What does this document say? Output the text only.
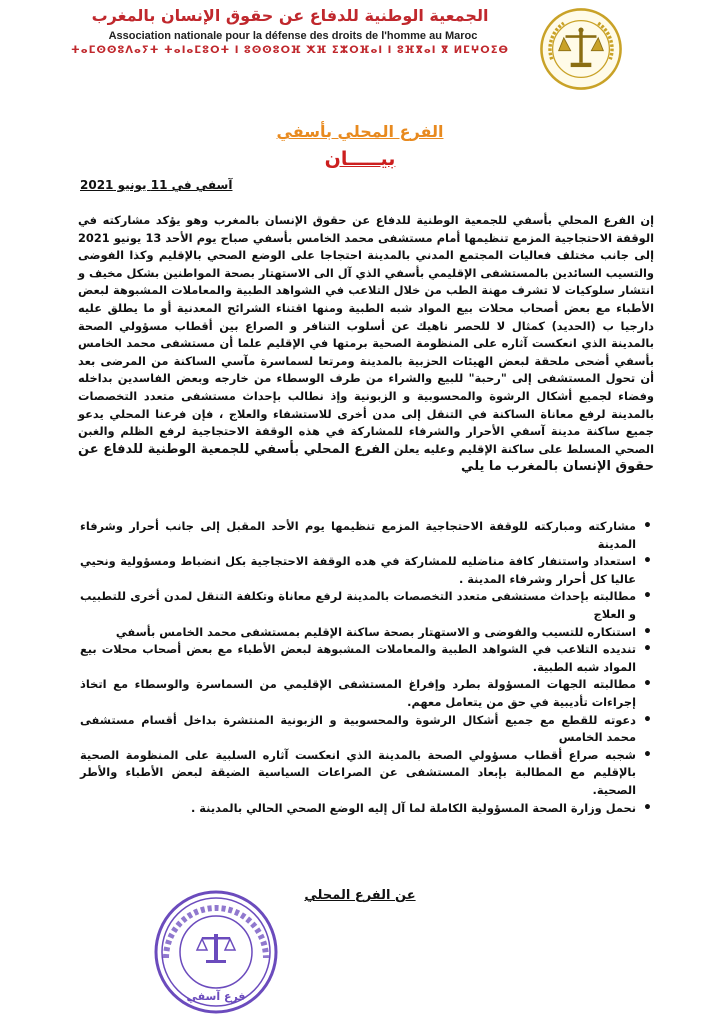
الجمعية الوطنية للدفاع عن حقوق الإنسان بالمغرب
Association nationale pour la défense des droits de l'homme au Maroc
ⵜⴰⵎⵙⵙⵓⴷⴰⵢⵜ ⵜⴰⵏⴰⵎⵓⵔⵜ ⵏ ⵓⵙⵙⵓⵔⴼ ⵅⴼ ⵉⵣⵔⴼⴰⵏ ⵏ ⵓⴼⴳⴰⵏ ⴳ ⵍⵎⵖⵔⵉⴱ
الفرع المحلي بأسفي
بيـــــان
آسفي في 11 يونيو 2021
إن الفرع المحلي بأسفي للجمعية الوطنية للدفاع عن حقوق الإنسان بالمغرب وهو يؤكد مشاركته في الوقفة الاحتجاجية المزمع تنظيمها أمام مستشفى محمد الخامس بأسفي صباح يوم الأحد 13 يونيو 2021 إلى جانب مختلف فعاليات المجتمع المدني بالمدينة احتجاجا على الوضع الصحي بالإقليم وكذا الفوضى والتسيب السائدين بالمستشفى الإقليمي بأسفي الذي آل الى الاستهتار بصحة المواطنين بشكل مخيف و انتشار سلوكيات لا تشرف مهنة الطب من خلال التلاعب في الشواهد الطبية والمعاملات المشبوهة لبعض الأطباء مع بعض أصحاب محلات بيع المواد شبه الطبية ومنها اقتناء الشرائح المعدنية أو ما يطلق عليه دارجيا ب (الحديد) كمثال لا للحصر ناهيك عن أسلوب التنافر و الصراع بين أقطاب مسؤولي الصحة بالمدينة الذي انعكست آثاره على المنظومة الصحية برمتها في الإقليم علما أن مستشفى محمد الخامس بأسفي أضحى ملحقة لبعض الهيئات الحزبية بالمدينة ومرتعا لسماسرة مآسي الساكنة من المرضى بعد أن تحول المستشفى إلى "رحبة" للبيع والشراء من طرف الوسطاء من خارجه وبعض الفاسدين بداخله وفضاء لجميع أشكال الرشوة والمحسوبية و الزبونية وإذ نطالب بإحداث مستشفى متعدد التخصصات بالمدينة لرفع معاناة الساكنة في التنقل إلى مدن أخرى للاستشفاء والعلاج ، فإن فرعنا المحلي يدعو جميع ساكنة مدينة آسفي الأحرار والشرفاء للمشاركة في هذه الوقفة الاحتجاجية لرفع الظلم والغبن الصحي المسلط على ساكنة الإقليم وعليه يعلن الفرع المحلي بأسفي للجمعية الوطنية للدفاع عن حقوق الإنسان بالمغرب ما يلي
• مشاركته ومباركته للوقفة الاحتجاجية المزمع تنظيمها يوم الأحد المقبل إلى جانب أحرار وشرفاء المدينة
• استعداد واستنفار كافة مناضليه للمشاركة في هده الوقفة الاحتجاجية بكل انضباط ومسؤولية ونحيي عاليا كل أحرار وشرفاء المدينة .
• مطالبته بإحداث مستشفى متعدد التخصصات بالمدينة لرفع معاناة وتكلفة التنقل لمدن أخرى للتطبيب و العلاج
• استنكاره للتسيب والفوضى و الاستهتار بصحة ساكنة الإقليم بمستشفى محمد الخامس بأسفي
• تنديده التلاعب في الشواهد الطبية والمعاملات المشبوهة لبعض الأطباء مع بعض أصحاب محلات بيع المواد شبه الطبية.
• مطالبته الجهات المسؤولة بطرد وإفراغ المستشفى الإقليمي من السماسرة والوسطاء مع اتخاذ إجراءات تأديبية في حق من يتعامل معهم.
• دعوته للقطع مع جميع أشكال الرشوة والمحسوبية و الزبونية المنتشرة بداخل أقسام مستشفى محمد الخامس
• شجبه صراع أقطاب مسؤولي الصحة بالمدينة الذي انعكست آثاره السلبية على المنظومة الصحية بالإقليم مع المطالبة بإبعاد المستشفى عن الصراعات السياسية الضيقة لبعض الأطباء والأطر الصحية.
• نحمل وزارة الصحة المسؤولية الكاملة لما آل إليه الوضع الصحي الحالي بالمدينة .
عن الفرع المحلي
فرع آسفي
